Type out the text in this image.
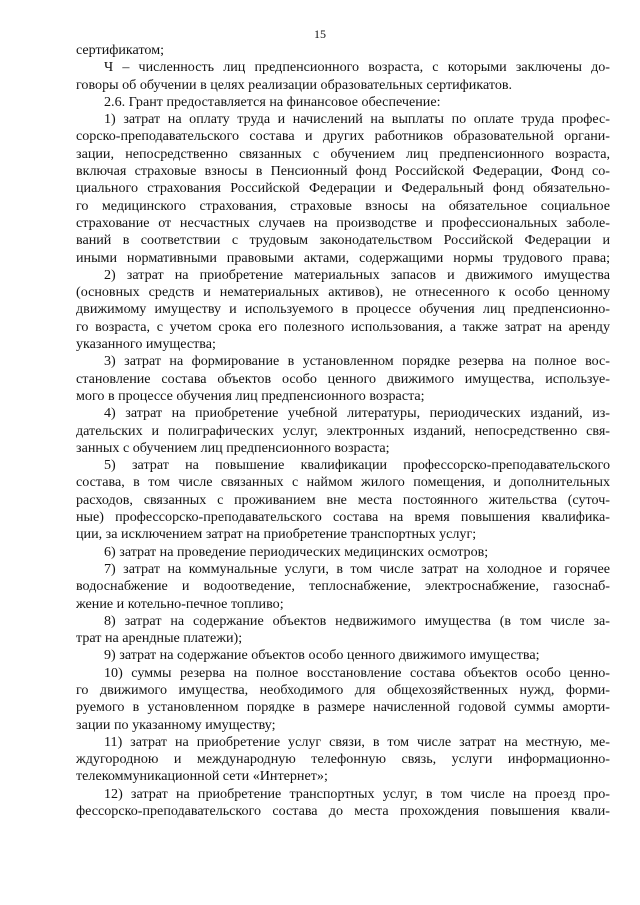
15
сертификатом;
Ч – численность лиц предпенсионного возраста, с которыми заключены до-
говоры об обучении в целях реализации образовательных сертификатов.
2.6. Грант предоставляется на финансовое обеспечение:
1) затрат на оплату труда и начислений на выплаты по оплате труда профес-
сорско-преподавательского состава и других работников образовательной органи-
зации, непосредственно связанных с обучением лиц предпенсионного возраста,
включая страховые взносы в Пенсионный фонд Российской Федерации, Фонд со-
циального страхования Российской Федерации и Федеральный фонд обязательно-
го медицинского страхования, страховые взносы на обязательное социальное
страхование от несчастных случаев на производстве и профессиональных заболе-
ваний в соответствии с трудовым законодательством Российской Федерации и
иными нормативными правовыми актами, содержащими нормы трудового права;
2) затрат на приобретение материальных запасов и движимого имущества
(основных средств и нематериальных активов), не отнесенного к особо ценному
движимому имуществу и используемого в процессе обучения лиц предпенсионно-
го возраста, с учетом срока его полезного использования, а также затрат на аренду
указанного имущества;
3) затрат на формирование в установленном порядке резерва на полное вос-
становление состава объектов особо ценного движимого имущества, используе-
мого в процессе обучения лиц предпенсионного возраста;
4) затрат на приобретение учебной литературы, периодических изданий, из-
дательских и полиграфических услуг, электронных изданий, непосредственно свя-
занных с обучением лиц предпенсионного возраста;
5) затрат на повышение квалификации профессорско-преподавательского
состава, в том числе связанных с наймом жилого помещения, и дополнительных
расходов, связанных с проживанием вне места постоянного жительства (суточ-
ные) профессорско-преподавательского состава на время повышения квалифика-
ции, за исключением затрат на приобретение транспортных услуг;
6) затрат на проведение периодических медицинских осмотров;
7) затрат на коммунальные услуги, в том числе затрат на холодное и горячее
водоснабжение и водоотведение, теплоснабжение, электроснабжение, газоснаб-
жение и котельно-печное топливо;
8) затрат на содержание объектов недвижимого имущества (в том числе за-
трат на арендные платежи);
9) затрат на содержание объектов особо ценного движимого имущества;
10) суммы резерва на полное восстановление состава объектов особо ценно-
го движимого имущества, необходимого для общехозяйственных нужд, форми-
руемого в установленном порядке в размере начисленной годовой суммы аморти-
зации по указанному имуществу;
11) затрат на приобретение услуг связи, в том числе затрат на местную, ме-
ждугородною и международную телефонную связь, услуги информационно-
телекоммуникационной сети «Интернет»;
12) затрат на приобретение транспортных услуг, в том числе на проезд про-
фессорско-преподавательского состава до места прохождения повышения квали-
